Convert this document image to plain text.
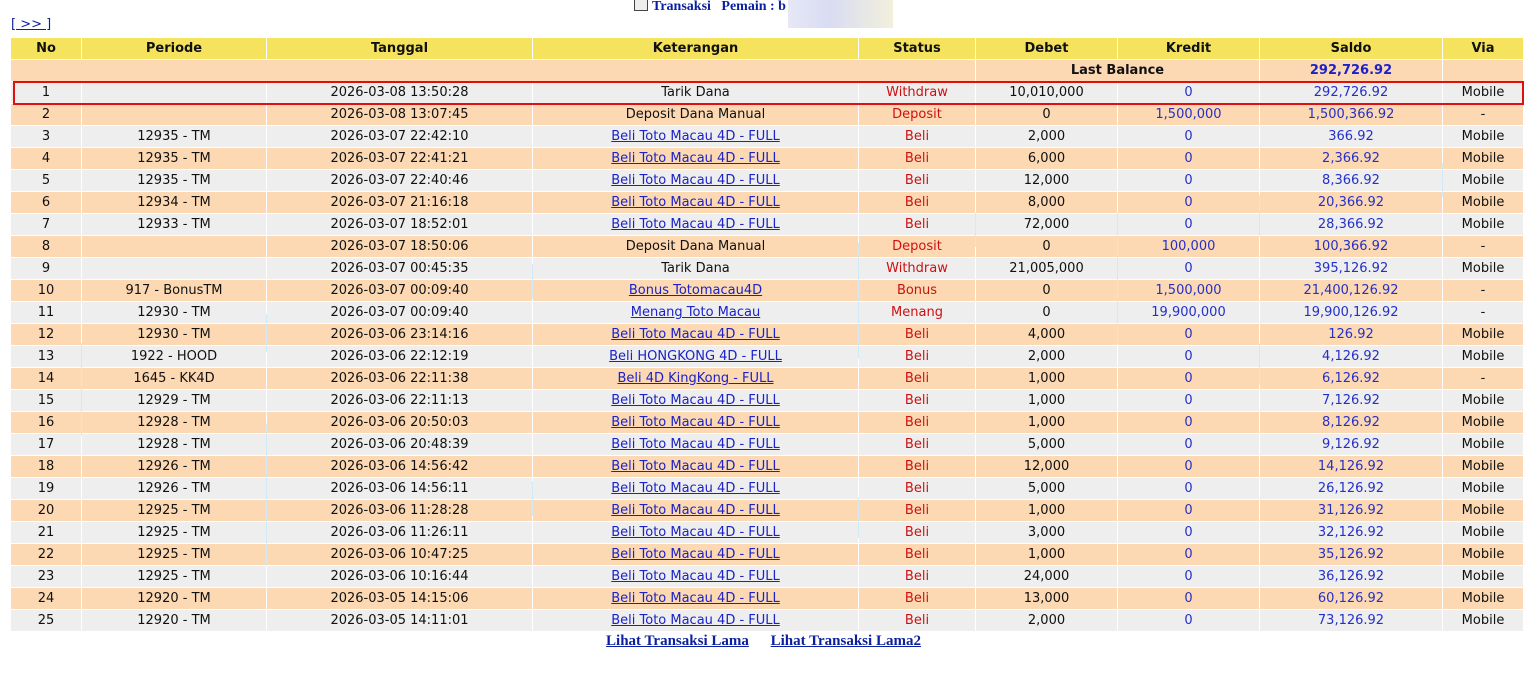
Transaksi Pemain : b
[ >> ]
No	Periode	Tanggal	Keterangan	Status	Debet	Kredit	Saldo	Via
					Last Balance		292,726.92	
1		2026-03-08 13:50:28	Tarik Dana	Withdraw	10,010,000	0	292,726.92	Mobile
2		2026-03-08 13:07:45	Deposit Dana Manual	Deposit	0	1,500,000	1,500,366.92	-
3	12935 - TM	2026-03-07 22:42:10	Beli Toto Macau 4D - FULL	Beli	2,000	0	366.92	Mobile
4	12935 - TM	2026-03-07 22:41:21	Beli Toto Macau 4D - FULL	Beli	6,000	0	2,366.92	Mobile
5	12935 - TM	2026-03-07 22:40:46	Beli Toto Macau 4D - FULL	Beli	12,000	0	8,366.92	Mobile
6	12934 - TM	2026-03-07 21:16:18	Beli Toto Macau 4D - FULL	Beli	8,000	0	20,366.92	Mobile
7	12933 - TM	2026-03-07 18:52:01	Beli Toto Macau 4D - FULL	Beli	72,000	0	28,366.92	Mobile
8		2026-03-07 18:50:06	Deposit Dana Manual	Deposit	0	100,000	100,366.92	-
9		2026-03-07 00:45:35	Tarik Dana	Withdraw	21,005,000	0	395,126.92	Mobile
10	917 - BonusTM	2026-03-07 00:09:40	Bonus Totomacau4D	Bonus	0	1,500,000	21,400,126.92	-
11	12930 - TM	2026-03-07 00:09:40	Menang Toto Macau	Menang	0	19,900,000	19,900,126.92	-
12	12930 - TM	2026-03-06 23:14:16	Beli Toto Macau 4D - FULL	Beli	4,000	0	126.92	Mobile
13	1922 - HOOD	2026-03-06 22:12:19	Beli HONGKONG 4D - FULL	Beli	2,000	0	4,126.92	Mobile
14	1645 - KK4D	2026-03-06 22:11:38	Beli 4D KingKong - FULL	Beli	1,000	0	6,126.92	-
15	12929 - TM	2026-03-06 22:11:13	Beli Toto Macau 4D - FULL	Beli	1,000	0	7,126.92	Mobile
16	12928 - TM	2026-03-06 20:50:03	Beli Toto Macau 4D - FULL	Beli	1,000	0	8,126.92	Mobile
17	12928 - TM	2026-03-06 20:48:39	Beli Toto Macau 4D - FULL	Beli	5,000	0	9,126.92	Mobile
18	12926 - TM	2026-03-06 14:56:42	Beli Toto Macau 4D - FULL	Beli	12,000	0	14,126.92	Mobile
19	12926 - TM	2026-03-06 14:56:11	Beli Toto Macau 4D - FULL	Beli	5,000	0	26,126.92	Mobile
20	12925 - TM	2026-03-06 11:28:28	Beli Toto Macau 4D - FULL	Beli	1,000	0	31,126.92	Mobile
21	12925 - TM	2026-03-06 11:26:11	Beli Toto Macau 4D - FULL	Beli	3,000	0	32,126.92	Mobile
22	12925 - TM	2026-03-06 10:47:25	Beli Toto Macau 4D - FULL	Beli	1,000	0	35,126.92	Mobile
23	12925 - TM	2026-03-06 10:16:44	Beli Toto Macau 4D - FULL	Beli	24,000	0	36,126.92	Mobile
24	12920 - TM	2026-03-05 14:15:06	Beli Toto Macau 4D - FULL	Beli	13,000	0	60,126.92	Mobile
25	12920 - TM	2026-03-05 14:11:01	Beli Toto Macau 4D - FULL	Beli	2,000	0	73,126.92	Mobile
Lihat Transaksi Lama Lihat Transaksi Lama2
